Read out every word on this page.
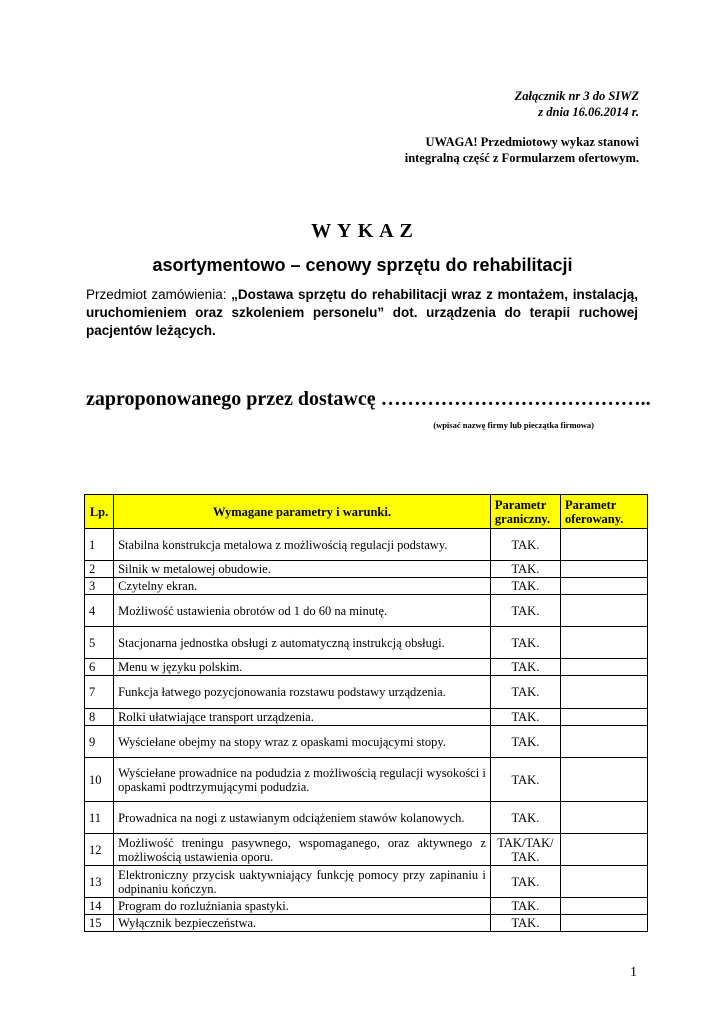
Załącznik nr 3 do SIWZ
z dnia 16.06.2014 r.
UWAGA! Przedmiotowy wykaz stanowi
integralną część z Formularzem ofertowym.
W Y K A Z
asortymentowo – cenowy sprzętu do rehabilitacji
Przedmiot zamówienia: „Dostawa sprzętu do rehabilitacji wraz z montażem, instalacją, uruchomieniem oraz szkoleniem personelu” dot. urządzenia do terapii ruchowej pacjentów leżących.
zaproponowanego przez dostawcę …………………………………..
(wpisać nazwę firmy lub pieczątka firmowa)
Lp.	Wymagane parametry i warunki.	Parametr graniczny.	Parametr oferowany.
1	Stabilna konstrukcja metalowa z możliwością regulacji podstawy.	TAK.	
2	Silnik w metalowej obudowie.	TAK.	
3	Czytelny ekran.	TAK.	
4	Możliwość ustawienia obrotów od 1 do 60 na minutę.	TAK.	
5	Stacjonarna jednostka obsługi z automatyczną instrukcją obsługi.	TAK.	
6	Menu w języku polskim.	TAK.	
7	Funkcja łatwego pozycjonowania rozstawu podstawy urządzenia.	TAK.	
8	Rolki ułatwiające transport urządzenia.	TAK.	
9	Wyściełane obejmy na stopy wraz z opaskami mocującymi stopy.	TAK.	
10	Wyściełane prowadnice na podudzia z możliwością regulacji wysokości i opaskami podtrzymującymi podudzia.	TAK.	
11	Prowadnica na nogi z ustawianym odciążeniem stawów kolanowych.	TAK.	
12	Możliwość treningu pasywnego, wspomaganego, oraz aktywnego z możliwością ustawienia oporu.	TAK/TAK/ TAK.	
13	Elektroniczny przycisk uaktywniający funkcję pomocy przy zapinaniu i odpinaniu kończyn.	TAK.	
14	Program do rozluźniania spastyki.	TAK.	
15	Wyłącznik bezpieczeństwa.	TAK.	
1
